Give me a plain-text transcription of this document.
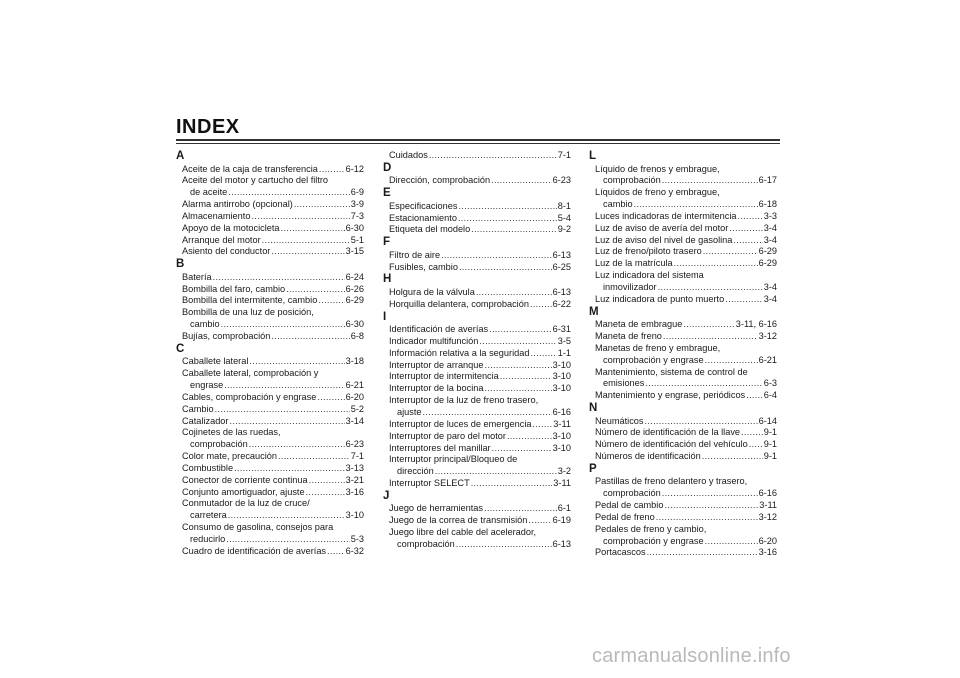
INDEX
A
Aceite de la caja de transferencia .....	6-12
Aceite del motor y cartucho del filtro
de aceite .....	6-9
Alarma antirrobo (opcional) .....	3-9
Almacenamiento .....	7-3
Apoyo de la motocicleta .....	6-30
Arranque del motor .....	5-1
Asiento del conductor .....	3-15
B
Batería .....	6-24
Bombilla del faro, cambio .....	6-26
Bombilla del intermitente, cambio .....	6-29
Bombilla de una luz de posición,
cambio .....	6-30
Bujías, comprobación .....	6-8
C
Caballete lateral .....	3-18
Caballete lateral, comprobación y
engrase .....	6-21
Cables, comprobación y engrase .....	6-20
Cambio .....	5-2
Catalizador .....	3-14
Cojinetes de las ruedas,
comprobación .....	6-23
Color mate, precaución .....	7-1
Combustible .....	3-13
Conector de corriente continua .....	3-21
Conjunto amortiguador, ajuste .....	3-16
Conmutador de la luz de cruce/
carretera .....	3-10
Consumo de gasolina, consejos para
reducirlo .....	5-3
Cuadro de identificación de averías ..... 6-32
Cuidados .....	7-1
D
Dirección, comprobación .....	6-23
E
Especificaciones .....	8-1
Estacionamiento .....	5-4
Etiqueta del modelo .....	9-2
F
Filtro de aire .....	6-13
Fusibles, cambio .....	6-25
H
Holgura de la válvula .....	6-13
Horquilla delantera, comprobación .....	6-22
I
Identificación de averías .....	6-31
Indicador multifunción .....	3-5
Información relativa a la seguridad .....	1-1
Interruptor de arranque .....	3-10
Interruptor de intermitencia .....	3-10
Interruptor de la bocina .....	3-10
Interruptor de la luz de freno trasero,
ajuste .....	6-16
Interruptor de luces de emergencia ..... 3-11
Interruptor de paro del motor .....	3-10
Interruptores del manillar .....	3-10
Interruptor principal/Bloqueo de
dirección .....	3-2
Interruptor SELECT .....	3-11
J
Juego de herramientas .....	6-1
Juego de la correa de transmisión .....	6-19
Juego libre del cable del acelerador,
comprobación .....	6-13
L
Líquido de frenos y embrague,
comprobación .....	6-17
Líquidos de freno y embrague,
cambio .....	6-18
Luces indicadoras de intermitencia .....	3-3
Luz de aviso de avería del motor .....	3-4
Luz de aviso del nivel de gasolina .....	3-4
Luz de freno/piloto trasero .....	6-29
Luz de la matrícula .....	6-29
Luz indicadora del sistema
inmovilizador .....	3-4
Luz indicadora de punto muerto .....	3-4
M
Maneta de embrague .....	3-11, 6-16
Maneta de freno .....	3-12
Manetas de freno y embrague,
comprobación y engrase .....	6-21
Mantenimiento, sistema de control de
emisiones .....	6-3
Mantenimiento y engrase, periódicos ..... 6-4
N
Neumáticos .....	6-14
Número de identificación de la llave .....	9-1
Número de identificación del vehículo ..... 9-1
Números de identificación .....	9-1
P
Pastillas de freno delantero y trasero,
comprobación .....	6-16
Pedal de cambio .....	3-11
Pedal de freno .....	3-12
Pedales de freno y cambio,
comprobación y engrase .....	6-20
Portacascos .....	3-16
carmanualsonline.info
